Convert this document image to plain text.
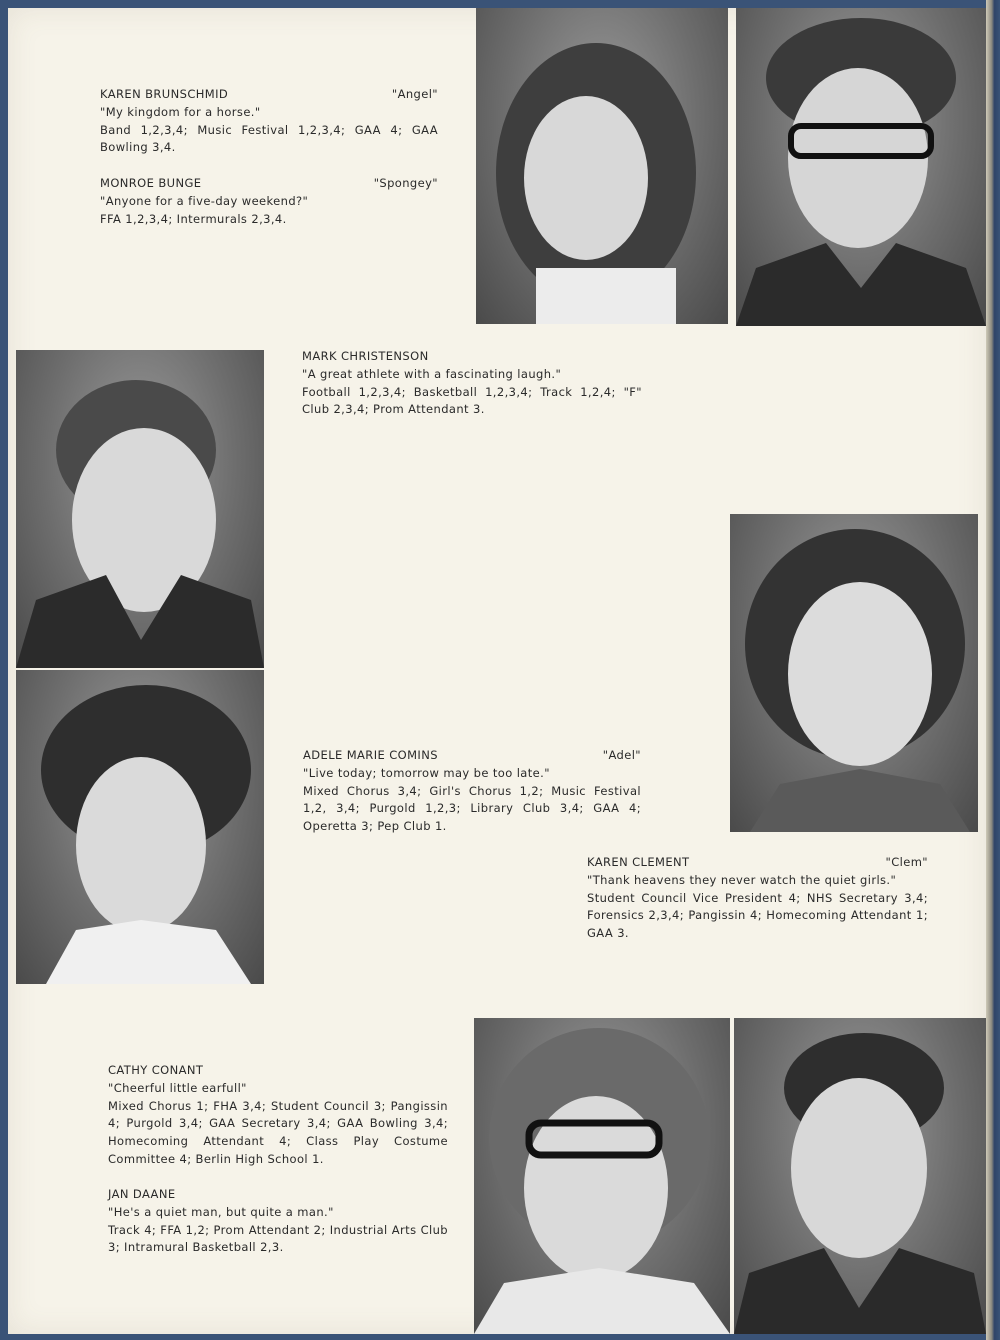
KAREN BRUNSCHMID	"Angel"
"My kingdom for a horse."
Band 1,2,3,4; Music Festival 1,2,3,4; GAA 4; GAA Bowling 3,4.
MONROE BUNGE	"Spongey"
"Anyone for a five-day weekend?"
FFA 1,2,3,4; Intermurals 2,3,4.
MARK CHRISTENSON
"A great athlete with a fascinating laugh."
Football 1,2,3,4; Basketball 1,2,3,4; Track 1,2,4; "F" Club 2,3,4; Prom Attendant 3.
ADELE MARIE COMINS	"Adel"
"Live today; tomorrow may be too late."
Mixed Chorus 3,4; Girl's Chorus 1,2; Music Festival 1,2, 3,4; Purgold 1,2,3; Library Club 3,4; GAA 4; Operetta 3; Pep Club 1.
KAREN CLEMENT	"Clem"
"Thank heavens they never watch the quiet girls."
Student Council Vice President 4; NHS Secretary 3,4; Forensics 2,3,4; Pangissin 4; Homecoming Attendant 1; GAA 3.
CATHY CONANT
"Cheerful little earfull"
Mixed Chorus 1; FHA 3,4; Student Council 3; Pangissin 4; Purgold 3,4; GAA Secretary 3,4; GAA Bowling 3,4; Homecoming Attendant 4; Class Play Costume Committee 4; Berlin High School 1.
JAN DAANE
"He's a quiet man, but quite a man."
Track 4; FFA 1,2; Prom Attendant 2; Industrial Arts Club 3; Intramural Basketball 2,3.
